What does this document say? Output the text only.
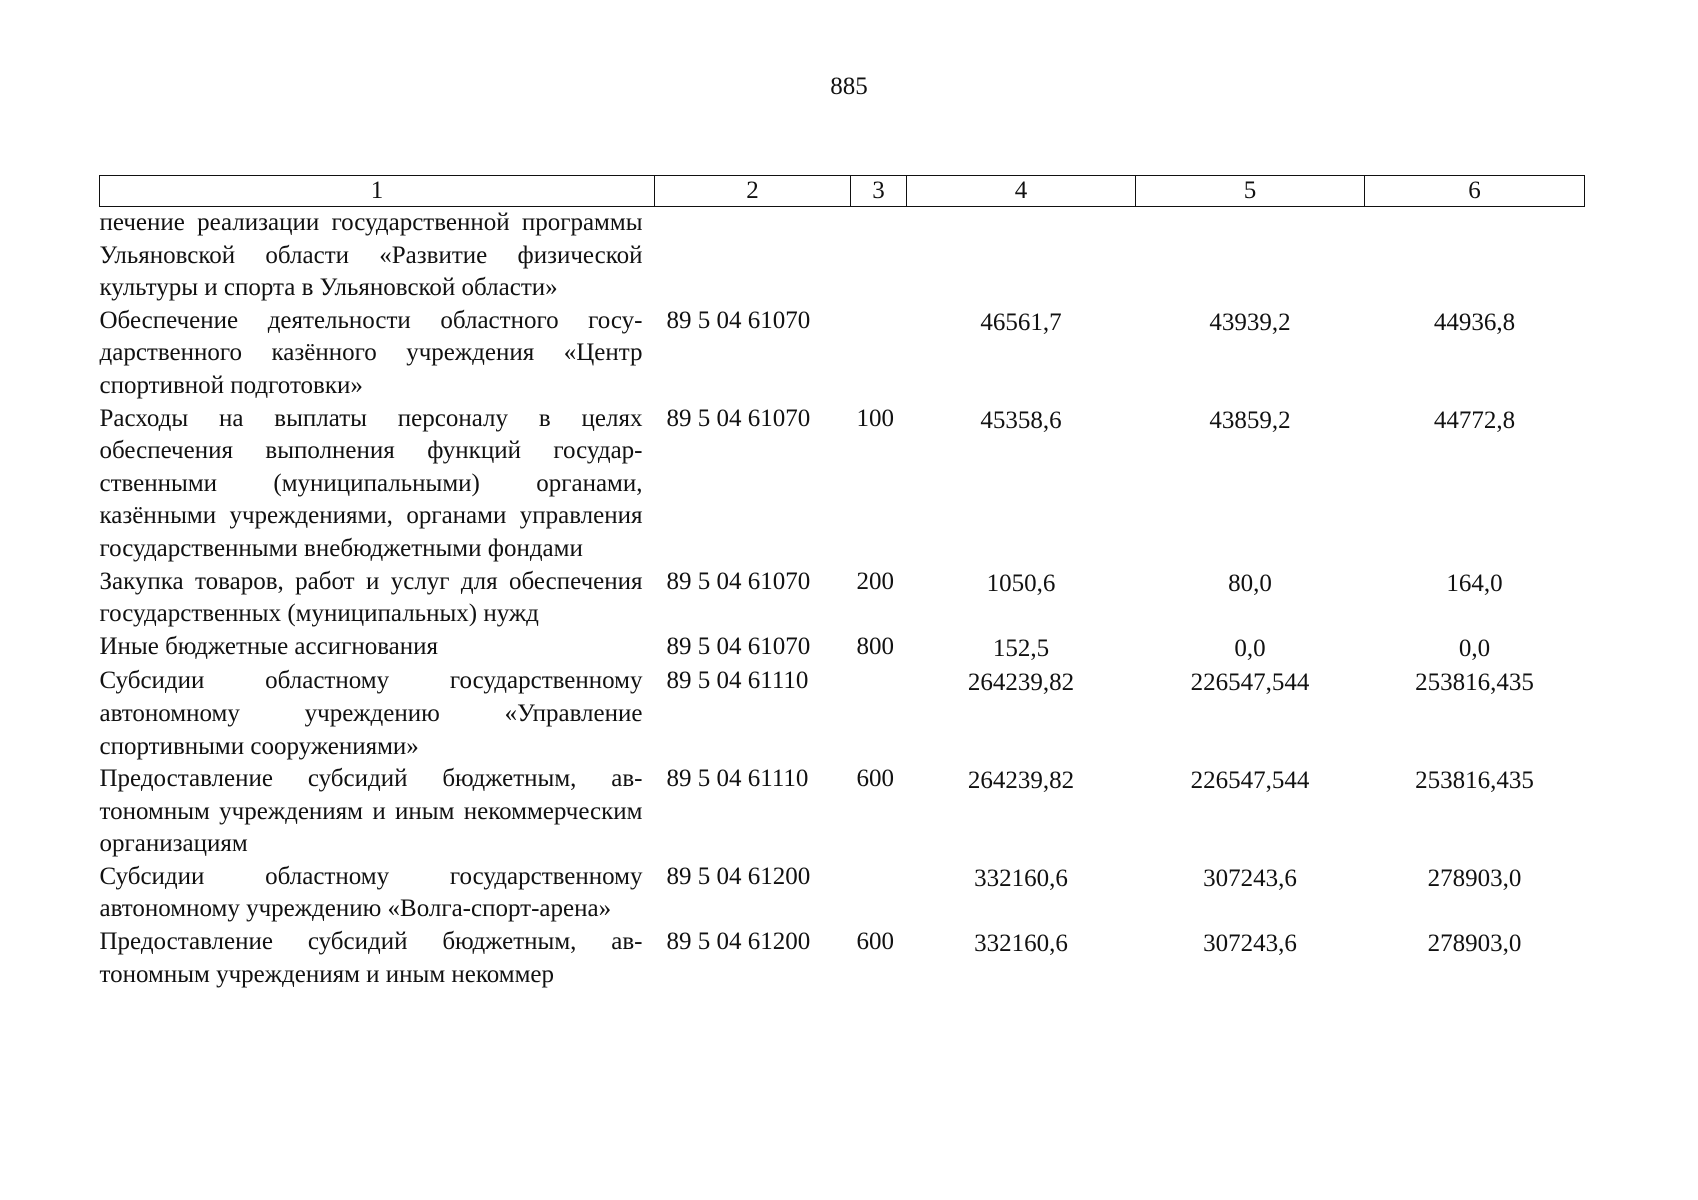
885
1	2	3	4	5	6
печение реализации государственной программы Ульяновской области «Развитие физической культуры и спорта в Ульяновской области»					
Обеспечение деятельности областного государственного казённого учреждения «Центр спортивной подготовки»	89 5 04 61070		46561,7	43939,2	44936,8
Расходы на выплаты персоналу в целях обеспечения выполнения функций государственными (муниципальными) органами, казёнными учреждениями, органами управления государственными внебюджетными фондами	89 5 04 61070	100	45358,6	43859,2	44772,8
Закупка товаров, работ и услуг для обеспечения государственных (муниципальных) нужд	89 5 04 61070	200	1050,6	80,0	164,0
Иные бюджетные ассигнования	89 5 04 61070	800	152,5	0,0	0,0
Субсидии областному государственному автономному учреждению «Управление спортивными сооружениями»	89 5 04 61110		264239,82	226547,544	253816,435
Предоставление субсидий бюджетным, автономным учреждениям и иным некоммерческим организациям	89 5 04 61110	600	264239,82	226547,544	253816,435
Субсидии областному государственному автономному учреждению «Волга-спорт-арена»	89 5 04 61200		332160,6	307243,6	278903,0
Предоставление субсидий бюджетным, автономным учреждениям и иным некоммер	89 5 04 61200	600	332160,6	307243,6	278903,0
